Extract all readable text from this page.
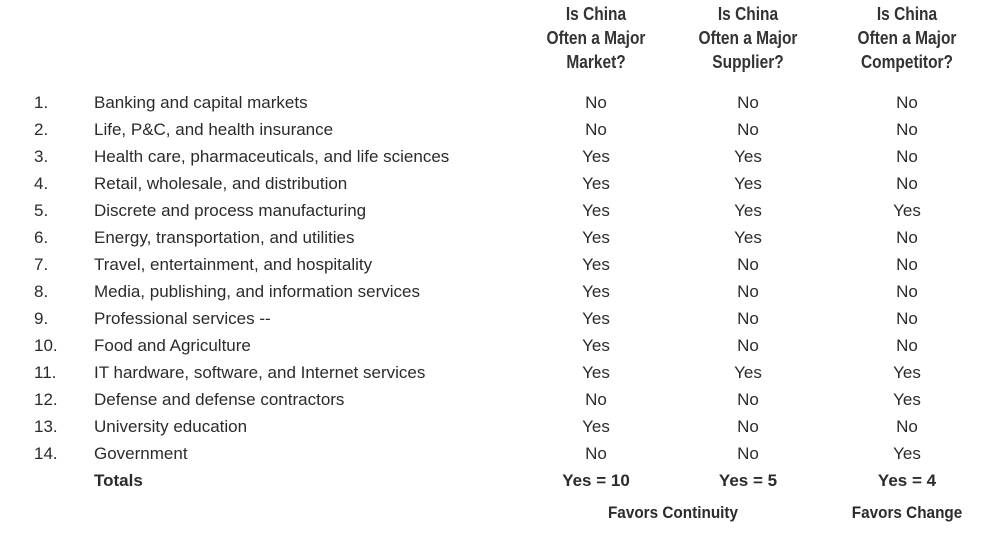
Is China
Often a Major
Market?
Is China
Often a Major
Supplier?
Is China
Often a Major
Competitor?
1.	Banking and capital markets	No	No	No
2.	Life, P&C, and health insurance	No	No	No
3.	Health care, pharmaceuticals, and life sciences	Yes	Yes	No
4.	Retail, wholesale, and distribution	Yes	Yes	No
5.	Discrete and process manufacturing	Yes	Yes	Yes
6.	Energy, transportation, and utilities	Yes	Yes	No
7.	Travel, entertainment, and hospitality	Yes	No	No
8.	Media, publishing, and information services	Yes	No	No
9.	Professional services --	Yes	No	No
10. Food and Agriculture	Yes	No	No
11. IT hardware, software, and Internet services	Yes	Yes	Yes
12. Defense and defense contractors	No	No	Yes
13. University education	Yes	No	No
14. Government	No	No	Yes
Totals	Yes = 10	Yes = 5	Yes = 4
Favors Continuity	Favors Change
